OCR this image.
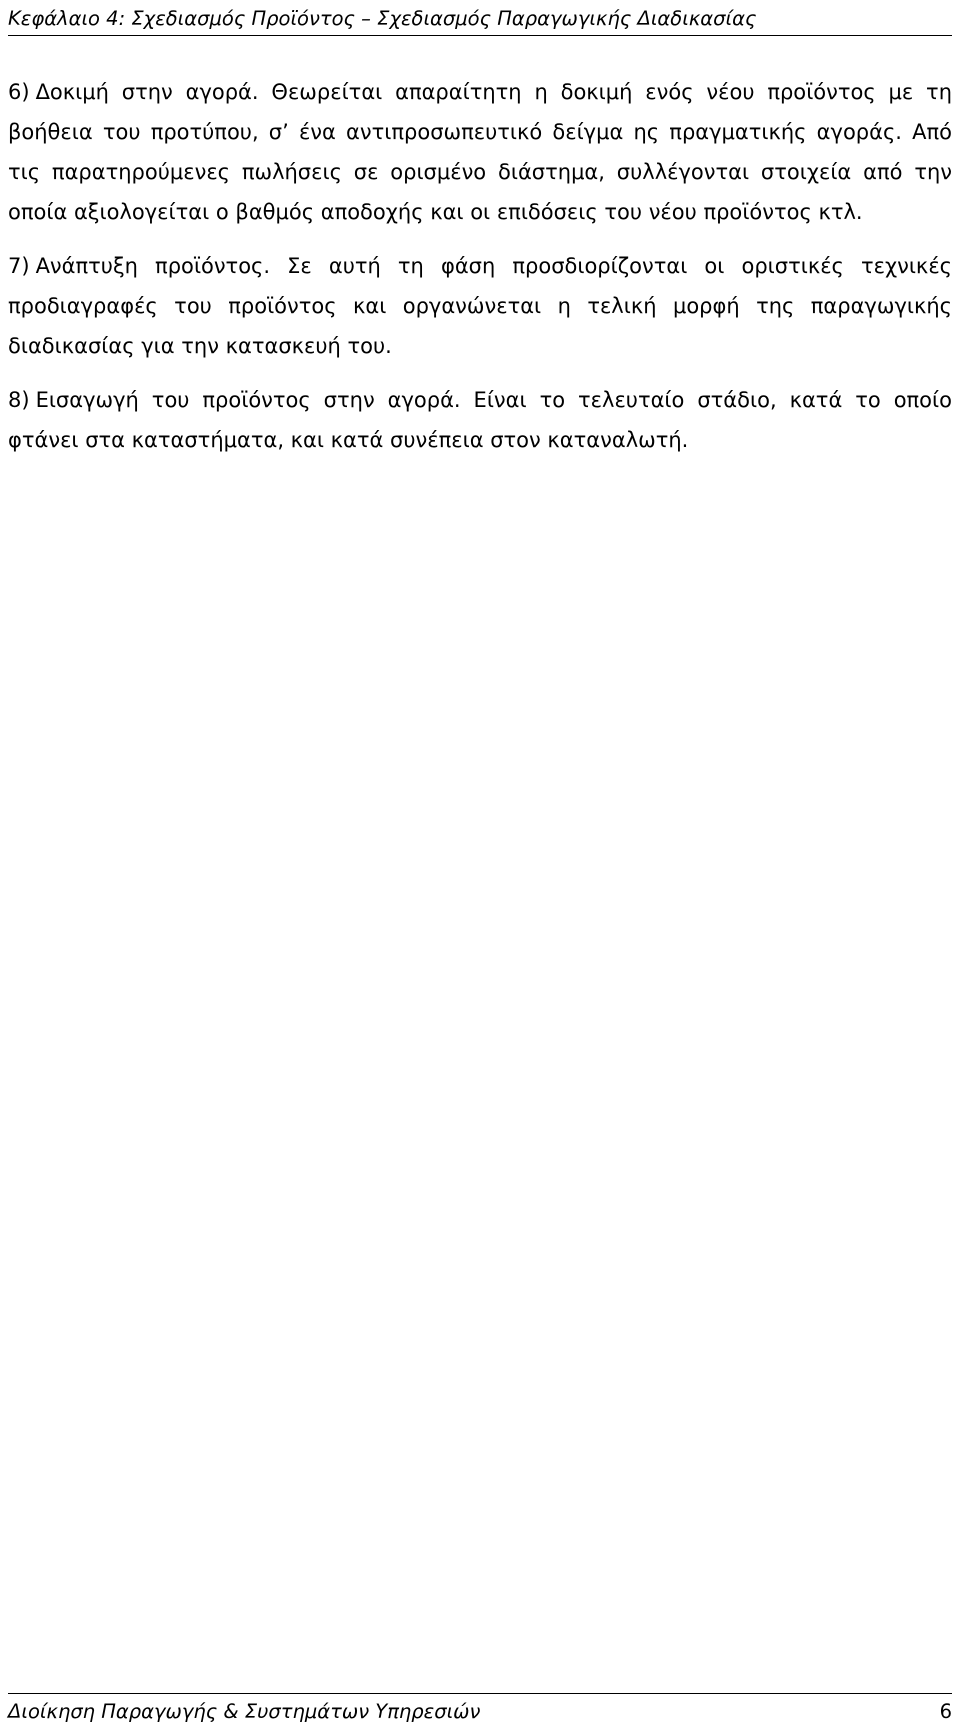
Κεφάλαιο 4: Σχεδιασμός Προϊόντος – Σχεδιασμός Παραγωγικής Διαδικασίας

6) Δοκιμή στην αγορά. Θεωρείται απαραίτητη η δοκιμή ενός νέου προϊόντος με τη βοήθεια του προτύπου, σ’ ένα αντιπροσωπευτικό δείγμα ης πραγματικής αγοράς. Από τις παρατηρούμενες πωλήσεις σε ορισμένο διάστημα, συλλέγονται στοιχεία από την οποία αξιολογείται ο βαθμός αποδοχής και οι επιδόσεις του νέου προϊόντος κτλ.

7) Ανάπτυξη προϊόντος. Σε αυτή τη φάση προσδιορίζονται οι οριστικές τεχνικές προδιαγραφές του προϊόντος και οργανώνεται η τελική μορφή της παραγωγικής διαδικασίας για την κατασκευή του.

8) Εισαγωγή του προϊόντος στην αγορά. Είναι το τελευταίο στάδιο, κατά το οποίο φτάνει στα καταστήματα, και κατά συνέπεια στον καταναλωτή.

Διοίκηση Παραγωγής & Συστημάτων Υπηρεσιών	6
